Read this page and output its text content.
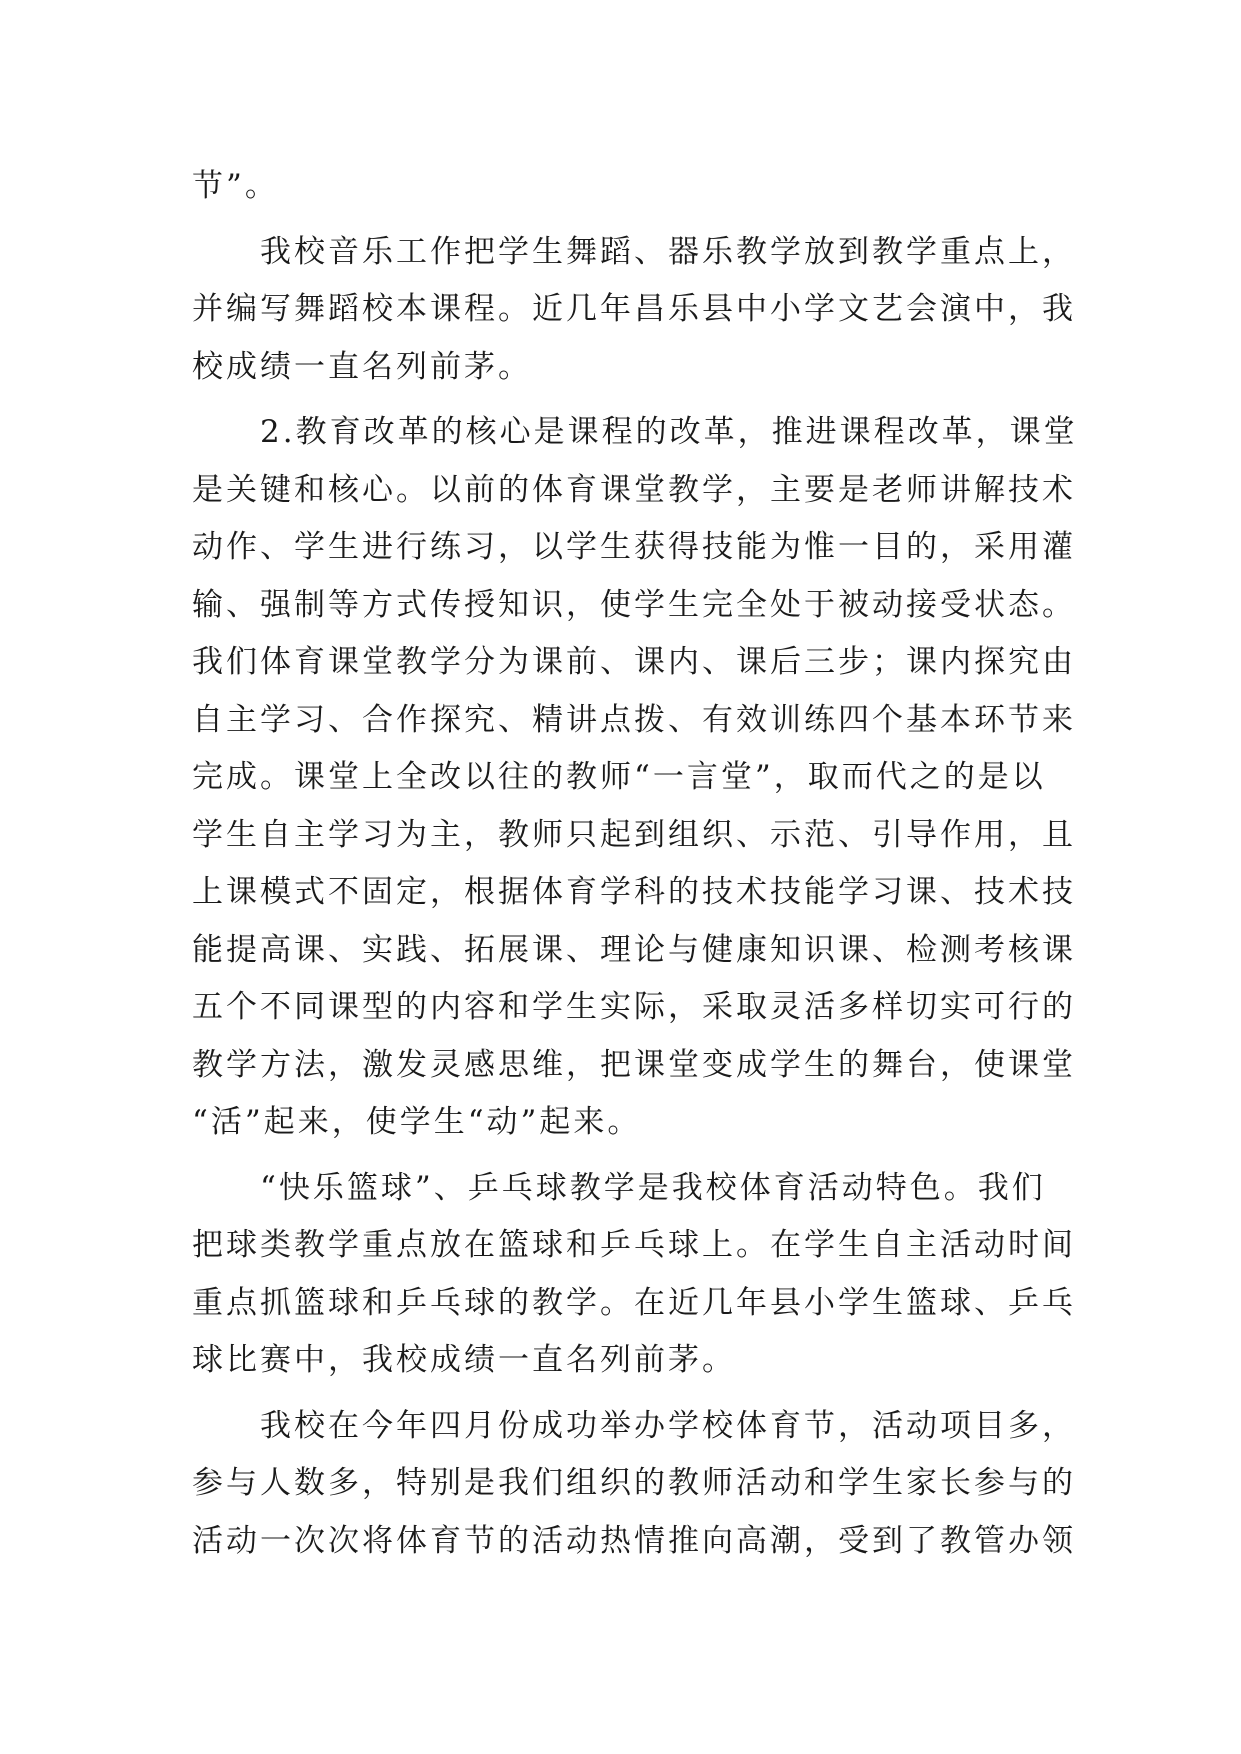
节”。
我校音乐工作把学生舞蹈、器乐教学放到教学重点上，
并编写舞蹈校本课程。近几年昌乐县中小学文艺会演中，我
校成绩一直名列前茅。
2.教育改革的核心是课程的改革，推进课程改革，课堂
是关键和核心。以前的体育课堂教学，主要是老师讲解技术
动作、学生进行练习，以学生获得技能为惟一目的，采用灌
输、强制等方式传授知识，使学生完全处于被动接受状态。
我们体育课堂教学分为课前、课内、课后三步；课内探究由
自主学习、合作探究、精讲点拨、有效训练四个基本环节来
完成。课堂上全改以往的教师“一言堂”，取而代之的是以
学生自主学习为主，教师只起到组织、示范、引导作用，且
上课模式不固定，根据体育学科的技术技能学习课、技术技
能提高课、实践、拓展课、理论与健康知识课、检测考核课
五个不同课型的内容和学生实际，采取灵活多样切实可行的
教学方法，激发灵感思维，把课堂变成学生的舞台，使课堂
“活”起来，使学生“动”起来。
“快乐篮球”、乒乓球教学是我校体育活动特色。我们
把球类教学重点放在篮球和乒乓球上。在学生自主活动时间
重点抓篮球和乒乓球的教学。在近几年县小学生篮球、乒乓
球比赛中，我校成绩一直名列前茅。
我校在今年四月份成功举办学校体育节，活动项目多，
参与人数多，特别是我们组织的教师活动和学生家长参与的
活动一次次将体育节的活动热情推向高潮，受到了教管办领
